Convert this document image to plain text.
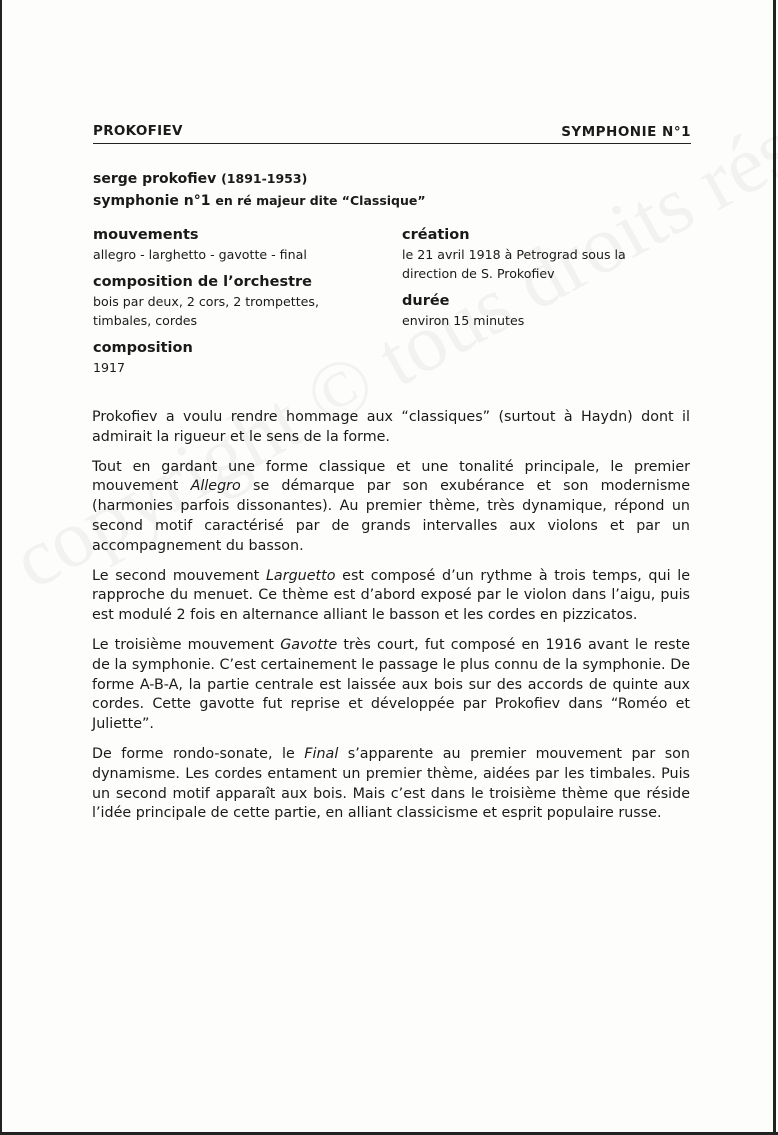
PROKOFIEV	SYMPHONIE N°1
serge prokofiev (1891-1953)
symphonie n°1 en ré majeur dite “Classique”
mouvements

allegro - larghetto - gavotte - final

composition de l’orchestre

bois par deux, 2 cors, 2 trompettes,

timbales, cordes

composition

1917

création

le 21 avril 1918 à Petrograd sous la

direction de S. Prokofiev

durée

environ 15 minutes

Prokofiev a voulu rendre hommage aux “classiques” (surtout à Haydn) dont il admirait la rigueur et le sens de la forme.

Tout en gardant une forme classique et une tonalité principale, le premier mouvement Allegro se démarque par son exubérance et son modernisme (harmonies parfois dissonantes). Au premier thème, très dynamique, répond un second motif caractérisé par de grands intervalles aux violons et par un accompagnement du basson.

Le second mouvement Larguetto est composé d’un rythme à trois temps, qui le rapproche du menuet. Ce thème est d’abord exposé par le violon dans l’aigu, puis est modulé 2 fois en alternance alliant le basson et les cordes en pizzicatos.

Le troisième mouvement Gavotte très court, fut composé en 1916 avant le reste de la symphonie. C’est certainement le passage le plus connu de la symphonie. De forme A-B-A, la partie centrale est laissée aux bois sur des accords de quinte aux cordes. Cette gavotte fut reprise et développée par Prokofiev dans “Roméo et Juliette”.

De forme rondo-sonate, le Final s’apparente au premier mouvement par son dynamisme. Les cordes entament un premier thème, aidées par les timbales. Puis un second motif apparaît aux bois. Mais c’est dans le troisième thème que réside l’idée principale de cette partie, en alliant classicisme et esprit populaire russe.
